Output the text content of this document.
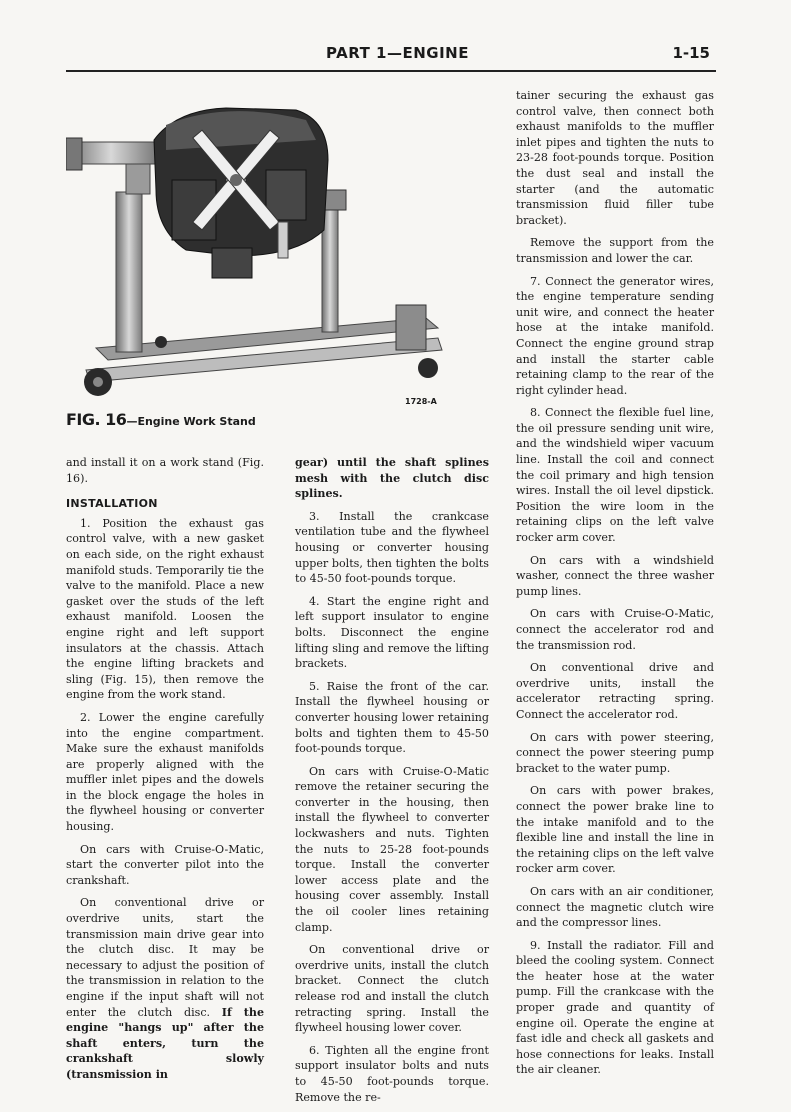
PART 1—ENGINE	1-15
FIG. 16—Engine Work Stand
1728-A

and install it on a work stand (Fig. 16).

INSTALLATION

1. Position the exhaust gas control valve, with a new gasket on each side, on the right exhaust manifold studs. Temporarily tie the valve to the manifold. Place a new gasket over the studs of the left exhaust manifold. Loosen the engine right and left support insulators at the chassis. Attach the engine lifting brackets and sling (Fig. 15), then remove the engine from the work stand.

2. Lower the engine carefully into the engine compartment. Make sure the exhaust manifolds are properly aligned with the muffler inlet pipes and the dowels in the block engage the holes in the flywheel housing or converter housing.

On cars with Cruise-O-Matic, start the converter pilot into the crankshaft.

On conventional drive or overdrive units, start the transmission main drive gear into the clutch disc. It may be necessary to adjust the position of the transmission in relation to the engine if the input shaft will not enter the clutch disc. If the engine "hangs up" after the shaft enters, turn the crankshaft slowly (transmission in

gear) until the shaft splines mesh with the clutch disc splines.

3. Install the crankcase ventilation tube and the flywheel housing or converter housing upper bolts, then tighten the bolts to 45-50 foot-pounds torque.

4. Start the engine right and left support insulator to engine bolts. Disconnect the engine lifting sling and remove the lifting brackets.

5. Raise the front of the car. Install the flywheel housing or converter housing lower retaining bolts and tighten them to 45-50 foot-pounds torque.

On cars with Cruise-O-Matic remove the retainer securing the converter in the housing, then install the flywheel to converter lockwashers and nuts. Tighten the nuts to 25-28 foot-pounds torque. Install the converter lower access plate and the housing cover assembly. Install the oil cooler lines retaining clamp.

On conventional drive or overdrive units, install the clutch bracket. Connect the clutch release rod and install the clutch retracting spring. Install the flywheel housing lower cover.

6. Tighten all the engine front support insulator bolts and nuts to 45-50 foot-pounds torque. Remove the re-

tainer securing the exhaust gas control valve, then connect both exhaust manifolds to the muffler inlet pipes and tighten the nuts to 23-28 foot-pounds torque. Position the dust seal and install the starter (and the automatic transmission fluid filler tube bracket).

Remove the support from the transmission and lower the car.

7. Connect the generator wires, the engine temperature sending unit wire, and connect the heater hose at the intake manifold. Connect the engine ground strap and install the starter cable retaining clamp to the rear of the right cylinder head.

8. Connect the flexible fuel line, the oil pressure sending unit wire, and the windshield wiper vacuum line. Install the coil and connect the coil primary and high tension wires. Install the oil level dipstick. Position the wire loom in the retaining clips on the left valve rocker arm cover.

On cars with a windshield washer, connect the three washer pump lines.

On cars with Cruise-O-Matic, connect the accelerator rod and the transmission rod.

On conventional drive and overdrive units, install the accelerator retracting spring. Connect the accelerator rod.

On cars with power steering, connect the power steering pump bracket to the water pump.

On cars with power brakes, connect the power brake line to the intake manifold and to the flexible line and install the line in the retaining clips on the left valve rocker arm cover.

On cars with an air conditioner, connect the magnetic clutch wire and the compressor lines.

9. Install the radiator. Fill and bleed the cooling system. Connect the heater hose at the water pump. Fill the crankcase with the proper grade and quantity of engine oil. Operate the engine at fast idle and check all gaskets and hose connections for leaks. Install the air cleaner.
